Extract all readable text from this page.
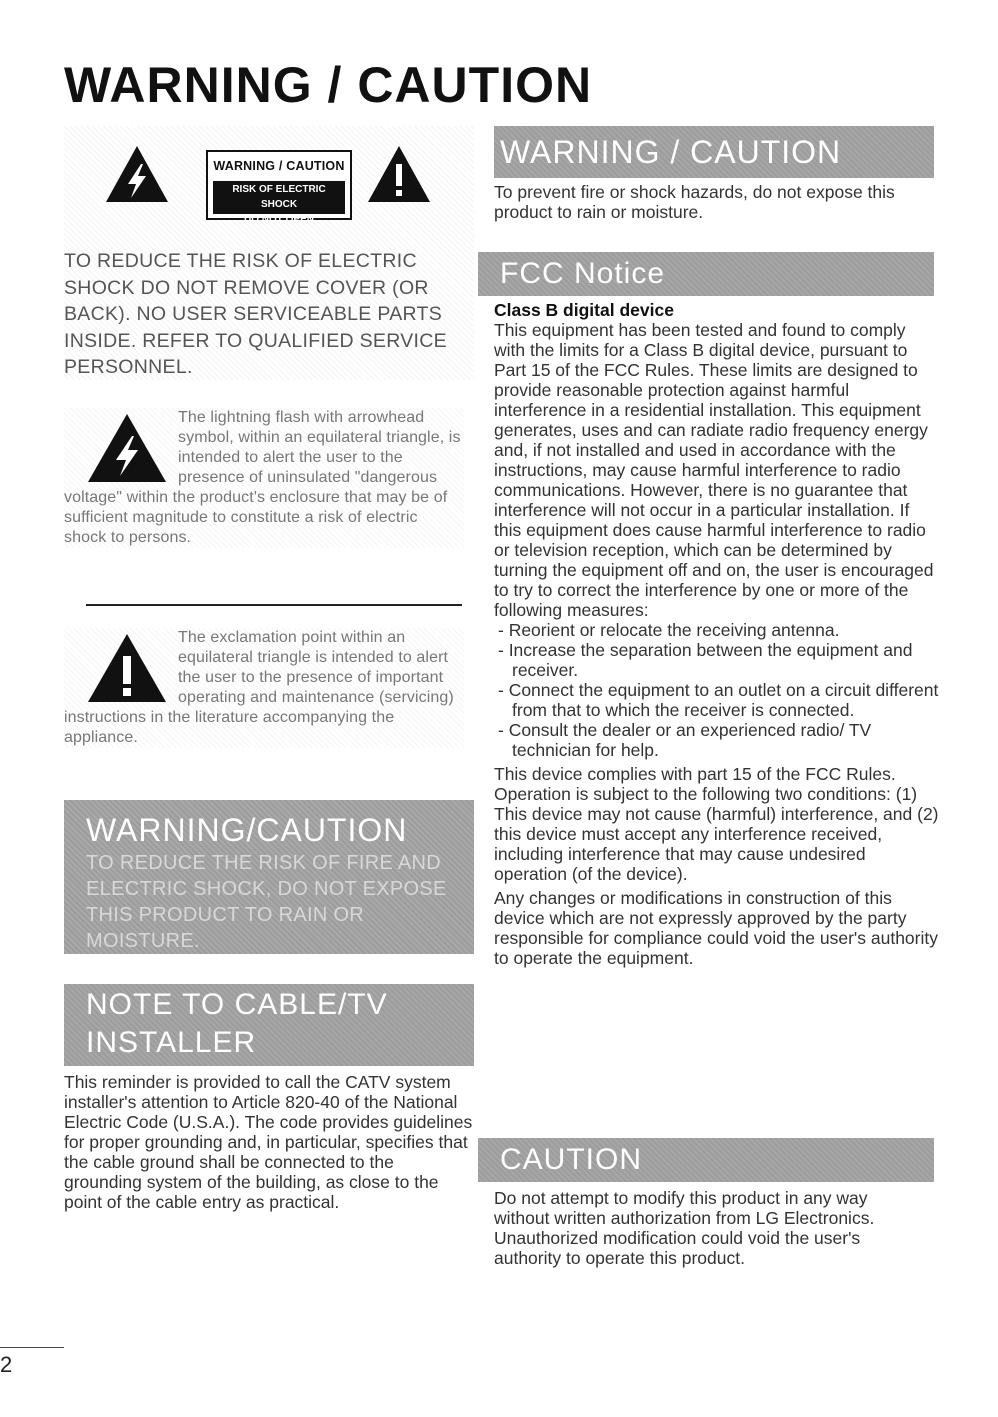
WARNING / CAUTION
WARNING / CAUTION
RISK OF ELECTRIC SHOCK
DO NOT OPEN
TO REDUCE THE RISK OF ELECTRIC SHOCK DO NOT REMOVE COVER (OR BACK). NO USER SERVICEABLE PARTS INSIDE. REFER TO QUALIFIED SERVICE PERSONNEL.

The lightning flash with arrowhead symbol, within an equilateral triangle, is intended to alert the user to the presence of uninsulated "dangerous voltage" within the product's enclosure that may be of sufficient magnitude to constitute a risk of electric shock to persons.

The exclamation point within an equilateral triangle is intended to alert the user to the presence of important operating and maintenance (servicing) instructions in the literature accompanying the appliance.

WARNING/CAUTION
TO REDUCE THE RISK OF FIRE AND ELECTRIC SHOCK, DO NOT EXPOSE THIS PRODUCT TO RAIN OR MOISTURE.
NOTE TO CABLE/TV
INSTALLER
This reminder is provided to call the CATV system installer's attention to Article 820-40 of the National Electric Code (U.S.A.). The code provides guidelines for proper grounding and, in particular, specifies that the cable ground shall be connected to the grounding system of the building, as close to the point of the cable entry as practical.
WARNING / CAUTION
To prevent fire or shock hazards, do not expose this product to rain or moisture.
FCC Notice

Class B digital device

This equipment has been tested and found to comply with the limits for a Class B digital device, pursuant to Part 15 of the FCC Rules. These limits are designed to provide reasonable protection against harmful interference in a residential installation. This equipment generates, uses and can radiate radio frequency energy and, if not installed and used in accordance with the instructions, may cause harmful interference to radio communications. However, there is no guarantee that interference will not occur in a particular installation. If this equipment does cause harmful interference to radio or television reception, which can be determined by turning the equipment off and on, the user is encouraged to try to correct the interference by one or more of the following measures:

- Reorient or relocate the receiving antenna.

- Increase the separation between the equipment and receiver.

- Connect the equipment to an outlet on a circuit different from that to which the receiver is connected.

- Consult the dealer or an experienced radio/ TV technician for help.

This device complies with part 15 of the FCC Rules. Operation is subject to the following two conditions: (1) This device may not cause (harmful) interference, and (2) this device must accept any interference received, including interference that may cause undesired operation (of the device).

Any changes or modifications in construction of this device which are not expressly approved by the party responsible for compliance could void the user's authority to operate the equipment.

CAUTION
Do not attempt to modify this product in any way without written authorization from LG Electronics. Unauthorized modification could void the user's authority to operate this product.
2
